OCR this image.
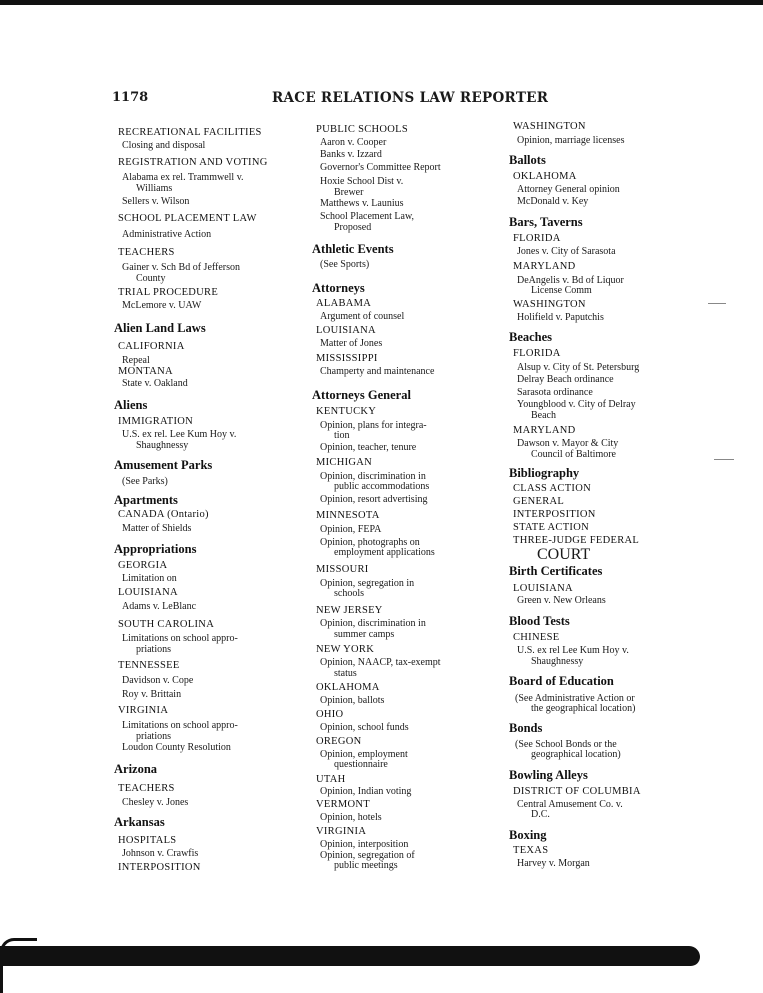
1178	RACE RELATIONS LAW REPORTER
RECREATIONAL FACILITIES
Closing and disposal
REGISTRATION AND VOTING
Alabama ex rel. Trammwell v.
Williams
Sellers v. Wilson
SCHOOL PLACEMENT LAW
Administrative Action
TEACHERS
Gainer v. Sch Bd of Jefferson
County
TRIAL PROCEDURE
McLemore v. UAW
Alien Land Laws
CALIFORNIA
Repeal
MONTANA
State v. Oakland
Aliens
IMMIGRATION
U.S. ex rel. Lee Kum Hoy v.
Shaughnessy
Amusement Parks
(See Parks)
Apartments
CANADA (Ontario)
Matter of Shields
Appropriations
GEORGIA
Limitation on
LOUISIANA
Adams v. LeBlanc
SOUTH CAROLINA
Limitations on school appro-
priations
TENNESSEE
Davidson v. Cope
Roy v. Brittain
VIRGINIA
Limitations on school appro-
priations
Loudon County Resolution
Arizona
TEACHERS
Chesley v. Jones
Arkansas
HOSPITALS
Johnson v. Crawfis
INTERPOSITION
PUBLIC SCHOOLS
Aaron v. Cooper
Banks v. Izzard
Governor's Committee Report
Hoxie School Dist v.
Brewer
Matthews v. Launius
School Placement Law,
Proposed
Athletic Events
(See Sports)
Attorneys
ALABAMA
Argument of counsel
LOUISIANA
Matter of Jones
MISSISSIPPI
Champerty and maintenance
Attorneys General
KENTUCKY
Opinion, plans for integra-
tion
Opinion, teacher, tenure
MICHIGAN
Opinion, discrimination in
public accommodations
Opinion, resort advertising
MINNESOTA
Opinion, FEPA
Opinion, photographs on
employment applications
MISSOURI
Opinion, segregation in
schools
NEW JERSEY
Opinion, discrimination in
summer camps
NEW YORK
Opinion, NAACP, tax-exempt
status
OKLAHOMA
Opinion, ballots
OHIO
Opinion, school funds
OREGON
Opinion, employment
questionnaire
UTAH
Opinion, Indian voting
VERMONT
Opinion, hotels
VIRGINIA
Opinion, interposition
Opinion, segregation of
public meetings
WASHINGTON
Opinion, marriage licenses
Ballots
OKLAHOMA
Attorney General opinion
McDonald v. Key
Bars, Taverns
FLORIDA
Jones v. City of Sarasota
MARYLAND
DeAngelis v. Bd of Liquor
License Comm
WASHINGTON
Holifield v. Paputchis
Beaches
FLORIDA
Alsup v. City of St. Petersburg
Delray Beach ordinance
Sarasota ordinance
Youngblood v. City of Delray
Beach
MARYLAND
Dawson v. Mayor & City
Council of Baltimore
Bibliography
CLASS ACTION
GENERAL
INTERPOSITION
STATE ACTION
THREE-JUDGE FEDERAL
COURT
Birth Certificates
LOUISIANA
Green v. New Orleans
Blood Tests
CHINESE
U.S. ex rel Lee Kum Hoy v.
Shaughnessy
Board of Education
(See Administrative Action or
the geographical location)
Bonds
(See School Bonds or the
geographical location)
Bowling Alleys
DISTRICT OF COLUMBIA
Central Amusement Co. v.
D.C.
Boxing
TEXAS
Harvey v. Morgan
